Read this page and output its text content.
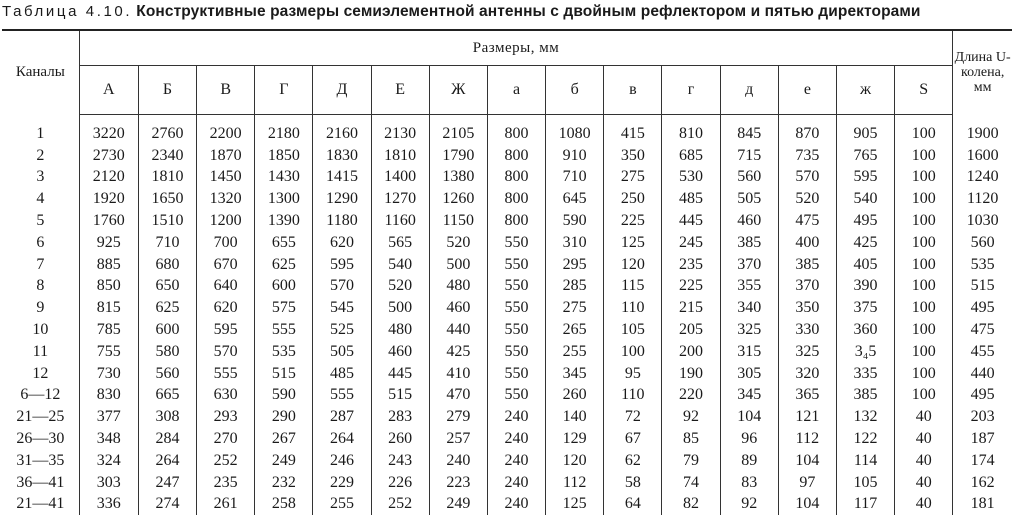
Таблица 4.10. Конструктивные размеры семиэлементной антенны с двойным рефлектором и пятью директорами
Каналы	Размеры, мм															Длина U-колена, мм
	А	Б	В	Г	Д	Е	Ж	а	б	в	г	д	е	ж	S	
1	3220	2760	2200	2180	2160	2130	2105	800	1080	415	810	845	870	905	100	1900
2	2730	2340	1870	1850	1830	1810	1790	800	910	350	685	715	735	765	100	1600
3	2120	1810	1450	1430	1415	1400	1380	800	710	275	530	560	570	595	100	1240
4	1920	1650	1320	1300	1290	1270	1260	800	645	250	485	505	520	540	100	1120
5	1760	1510	1200	1390	1180	1160	1150	800	590	225	445	460	475	495	100	1030
6	925	710	700	655	620	565	520	550	310	125	245	385	400	425	100	560
7	885	680	670	625	595	540	500	550	295	120	235	370	385	405	100	535
8	850	650	640	600	570	520	480	550	285	115	225	355	370	390	100	515
9	815	625	620	575	545	500	460	550	275	110	215	340	350	375	100	495
10	785	600	595	555	525	480	440	550	265	105	205	325	330	360	100	475
11	755	580	570	535	505	460	425	550	255	100	200	315	325	3₄5	100	455
12	730	560	555	515	485	445	410	550	345	95	190	305	320	335	100	440
6—12	830	665	630	590	555	515	470	550	260	110	220	345	365	385	100	495
21—25	377	308	293	290	287	283	279	240	140	72	92	104	121	132	40	203
26—30	348	284	270	267	264	260	257	240	129	67	85	96	112	122	40	187
31—35	324	264	252	249	246	243	240	240	120	62	79	89	104	114	40	174
36—41	303	247	235	232	229	226	223	240	112	58	74	83	97	105	40	162
21—41	336	274	261	258	255	252	249	240	125	64	82	92	104	117	40	181
